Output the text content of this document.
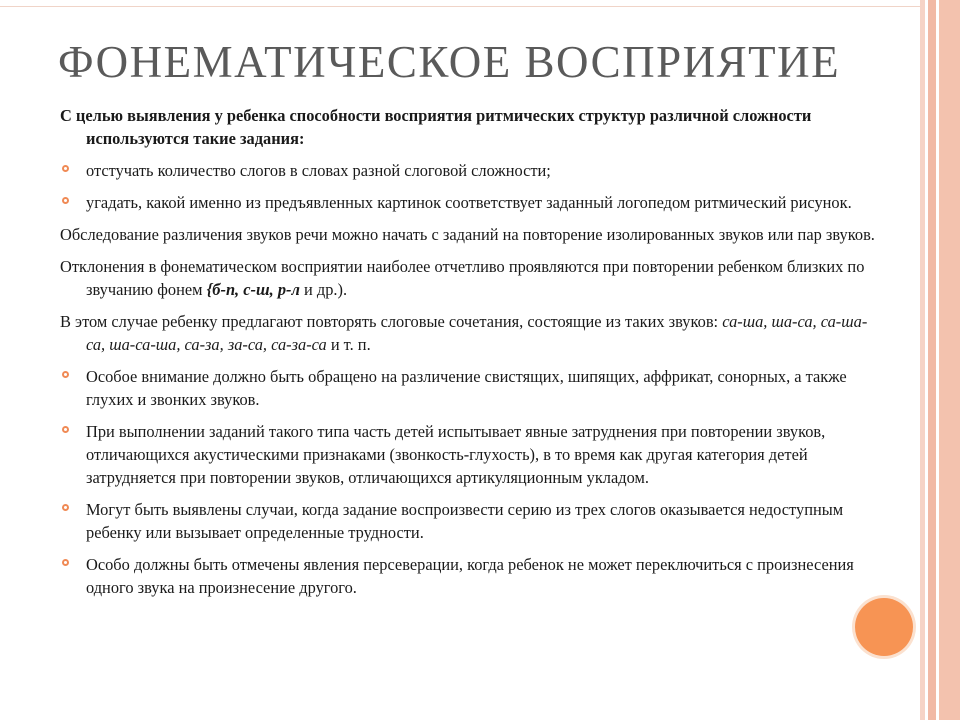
ФОНЕМАТИЧЕСКОЕ ВОСПРИЯТИЕ

С целью выявления у ребенка способности восприятия ритмических структур различной сложности используются такие задания:

отстучать количество слогов в словах разной слоговой сложности;
угадать, какой именно из предъявленных картинок соответствует заданный логопедом ритмический рисунок.

Обследование различения звуков речи можно начать с заданий на повторение изолированных звуков или пар звуков.

Отклонения в фонематическом восприятии наиболее отчетливо проявляются при повторении ребенком близких по звучанию фонем {б-п, с-ш, р-л и др.).

В этом случае ребенку предлагают повторять слоговые сочетания, состоящие из таких звуков: са-ша, ша-са, са-ша-са, ша-са-ша, са-за, за-са, са-за-са и т. п.

Особое внимание должно быть обращено на различение свистящих, шипящих, аффрикат, сонорных, а также глухих и звонких звуков.
При выполнении заданий такого типа часть детей испытывает явные затруднения при повторении звуков, отличающихся акустическими признаками (звонкость-глухость), в то время как другая категория детей затрудняется при повторении звуков, отличающихся артикуляционным укладом.
Могут быть выявлены случаи, когда задание воспроизвести серию из трех слогов оказывается недоступным ребенку или вызывает определенные трудности.
Особо должны быть отмечены явления персеверации, когда ребенок не может переключиться с произнесения одного звука на произнесение другого.
